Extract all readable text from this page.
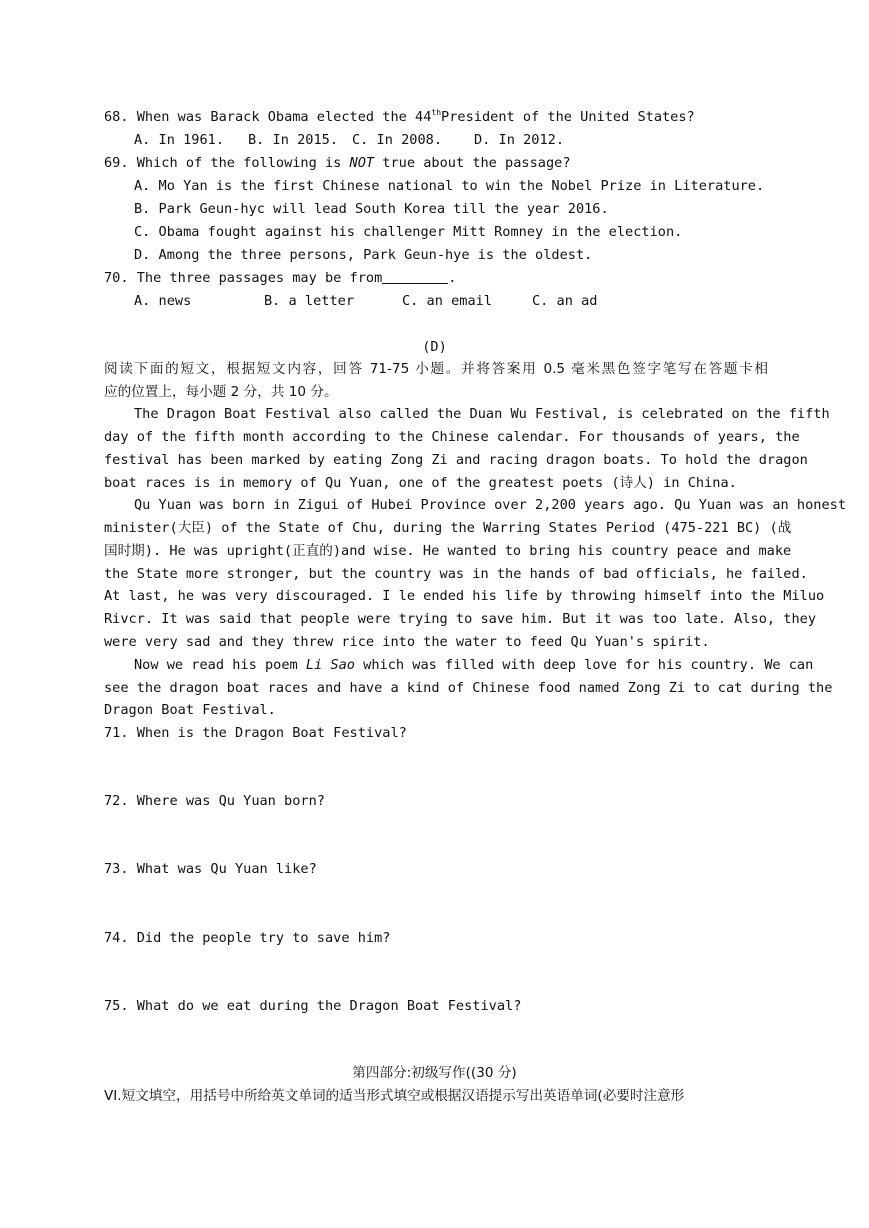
68. When was Barack Obama elected the 44thPresident of the United States?
A. In 1961. B. In 2015. C. In 2008. D. In 2012.
69. Which of the following is NOT true about the passage?
A. Mo Yan is the first Chinese national to win the Nobel Prize in Literature.
B. Park Geun-hyc will lead South Korea till the year 2016.
C. Obama fought against his challenger Mitt Romney in the election.
D. Among the three persons, Park Geun-hye is the oldest.
70. The three passages may be from	.
A. news	B. a letter	C. an email	C. an ad
(D)
阅读下面的短文，根据短文内容，回答 71-75 小题。并将答案用 0.5 毫米黑色签字笔写在答题卡相
应的位置上，每小题 2 分，共 10 分。
The Dragon Boat Festival also called the Duan Wu Festival, is celebrated on the fifth
day of the fifth month according to the Chinese calendar. For thousands of years, the
festival has been marked by eating Zong Zi and racing dragon boats. To hold the dragon
boat races is in memory of Qu Yuan, one of the greatest poets (诗人) in China.
Qu Yuan was born in Zigui of Hubei Province over 2,200 years ago. Qu Yuan was an honest
minister(大臣) of the State of Chu, during the Warring States Period (475-221 BC) (战
国时期). He was upright(正直的)and wise. He wanted to bring his country peace and make
the State more stronger, but the country was in the hands of bad officials, he failed.
At last, he was very discouraged. I le ended his life by throwing himself into the Miluo
Rivcr. It was said that people were trying to save him. But it was too late. Also, they
were very sad and they threw rice into the water to feed Qu Yuan's spirit.
Now we read his poem Li Sao which was filled with deep love for his country. We can
see the dragon boat races and have a kind of Chinese food named Zong Zi to cat during the
Dragon Boat Festival.
71. When is the Dragon Boat Festival?
72. Where was Qu Yuan born?
73. What was Qu Yuan like?
74. Did the people try to save him?
75. What do we eat during the Dragon Boat Festival?
第四部分:初级写作((30 分)
VI.短文填空，用括号中所给英文单词的适当形式填空或根据汉语提示写出英语单词(必要时注意形
